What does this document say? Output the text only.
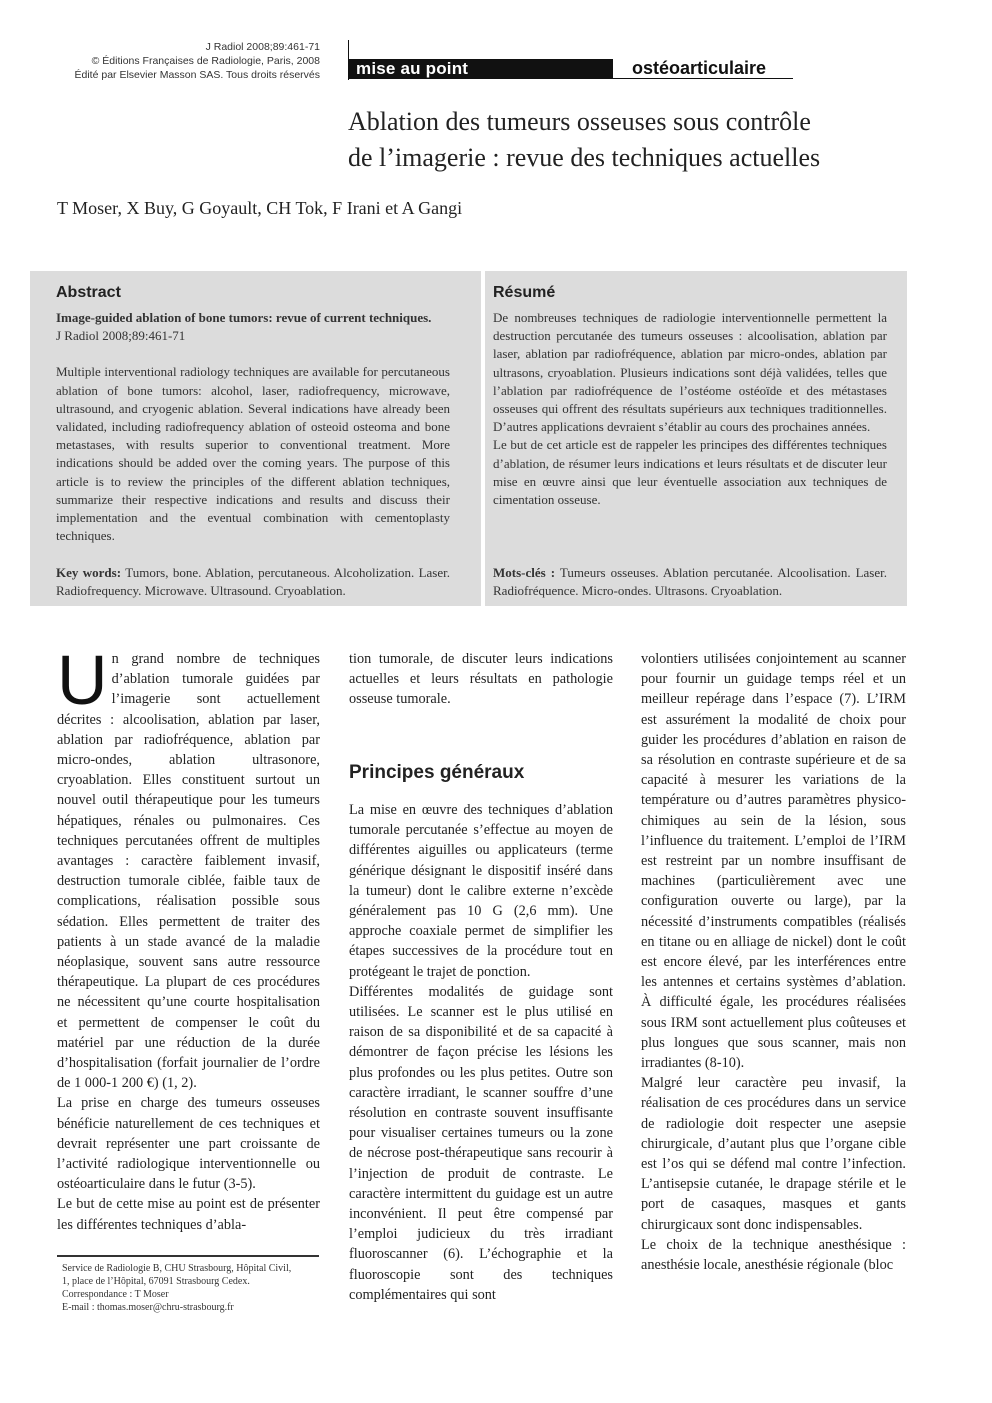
J Radiol 2008;89:461-71
© Éditions Françaises de Radiologie, Paris, 2008
Édité par Elsevier Masson SAS. Tous droits réservés	mise au point	ostéoarticulaire
Ablation des tumeurs osseuses sous contrôle
de l’imagerie : revue des techniques actuelles
T Moser, X Buy, G Goyault, CH Tok, F Irani et A Gangi
Abstract

Image-guided ablation of bone tumors: revue of current techniques.

J Radiol 2008;89:461-71

Multiple interventional radiology techniques are available for percutaneous ablation of bone tumors: alcohol, laser, radiofrequency, microwave, ultrasound, and cryogenic ablation. Several indications have already been validated, including radiofrequency ablation of osteoid osteoma and bone metastases, with results superior to conventional treatment. More indications should be added over the coming years. The purpose of this article is to review the principles of the different ablation techniques, summarize their respective indications and results and discuss their implementation and the eventual combination with cementoplasty techniques.

Key words: Tumors, bone. Ablation, percutaneous. Alcoholization. Laser. Radiofrequency. Microwave. Ultrasound. Cryoablation.

Résumé

De nombreuses techniques de radiologie interventionnelle permettent la destruction percutanée des tumeurs osseuses : alcoolisation, ablation par laser, ablation par radiofréquence, ablation par micro-ondes, ablation par ultrasons, cryoablation. Plusieurs indications sont déjà validées, telles que l’ablation par radiofréquence de l’ostéome ostéoïde et des métastases osseuses qui offrent des résultats supérieurs aux techniques traditionnelles. D’autres applications devraient s’établir au cours des prochaines années.

Le but de cet article est de rappeler les principes des différentes techniques d’ablation, de résumer leurs indications et leurs résultats et de discuter leur mise en œuvre ainsi que leur éventuelle association aux techniques de cimentation osseuse.

Mots-clés : Tumeurs osseuses. Ablation percutanée. Alcoolisation. Laser. Radiofréquence. Micro-ondes. Ultrasons. Cryoablation.

Un grand nombre de techniques d’ablation tumorale guidées par l’imagerie sont actuellement décrites : alcoolisation, ablation par laser, ablation par radiofréquence, ablation par micro-ondes, ablation ultrasonore, cryoablation. Elles constituent surtout un nouvel outil thérapeutique pour les tumeurs hépatiques, rénales ou pulmonaires. Ces techniques percutanées offrent de multiples avantages : caractère faiblement invasif, destruction tumorale ciblée, faible taux de complications, réalisation possible sous sédation. Elles permettent de traiter des patients à un stade avancé de la maladie néoplasique, souvent sans autre ressource thérapeutique. La plupart de ces procédures ne nécessitent qu’une courte hospitalisation et permettent de compenser le coût du matériel par une réduction de la durée d’hospitalisation (forfait journalier de l’ordre de 1 000-1 200 €) (1, 2).

La prise en charge des tumeurs osseuses bénéficie naturellement de ces techniques et devrait représenter une part croissante de l’activité radiologique interventionnelle ou ostéoarticulaire dans le futur (3-5).

Le but de cette mise au point est de présenter les différentes techniques d’abla-

Service de Radiologie B, CHU Strasbourg, Hôpital Civil,
1, place de l’Hôpital, 67091 Strasbourg Cedex.
Correspondance : T Moser
E-mail : thomas.moser@chru-strasbourg.fr

tion tumorale, de discuter leurs indications actuelles et leurs résultats en pathologie osseuse tumorale.

Principes généraux

La mise en œuvre des techniques d’ablation tumorale percutanée s’effectue au moyen de différentes aiguilles ou applicateurs (terme générique désignant le dispositif inséré dans la tumeur) dont le calibre externe n’excède généralement pas 10 G (2,6 mm). Une approche coaxiale permet de simplifier les étapes successives de la procédure tout en protégeant le trajet de ponction.

Différentes modalités de guidage sont utilisées. Le scanner est le plus utilisé en raison de sa disponibilité et de sa capacité à démontrer de façon précise les lésions les plus profondes ou les plus petites. Outre son caractère irradiant, le scanner souffre d’une résolution en contraste souvent insuffisante pour visualiser certaines tumeurs ou la zone de nécrose post-thérapeutique sans recourir à l’injection de produit de contraste. Le caractère intermittent du guidage est un autre inconvénient. Il peut être compensé par l’emploi judicieux du très irradiant fluoroscanner (6). L’échographie et la fluoroscopie sont des techniques complémentaires qui sont

volontiers utilisées conjointement au scanner pour fournir un guidage temps réel et un meilleur repérage dans l’espace (7). L’IRM est assurément la modalité de choix pour guider les procédures d’ablation en raison de sa résolution en contraste supérieure et de sa capacité à mesurer les variations de la température ou d’autres paramètres physico-chimiques au sein de la lésion, sous l’influence du traitement. L’emploi de l’IRM est restreint par un nombre insuffisant de machines (particulièrement avec une configuration ouverte ou large), par la nécessité d’instruments compatibles (réalisés en titane ou en alliage de nickel) dont le coût est encore élevé, par les interférences entre les antennes et certains systèmes d’ablation. À difficulté égale, les procédures réalisées sous IRM sont actuellement plus coûteuses et plus longues que sous scanner, mais non irradiantes (8-10).

Malgré leur caractère peu invasif, la réalisation de ces procédures dans un service de radiologie doit respecter une asepsie chirurgicale, d’autant plus que l’organe cible est l’os qui se défend mal contre l’infection. L’antisepsie cutanée, le drapage stérile et le port de casaques, masques et gants chirurgicaux sont donc indispensables.

Le choix de la technique anesthésique : anesthésie locale, anesthésie régionale (bloc
